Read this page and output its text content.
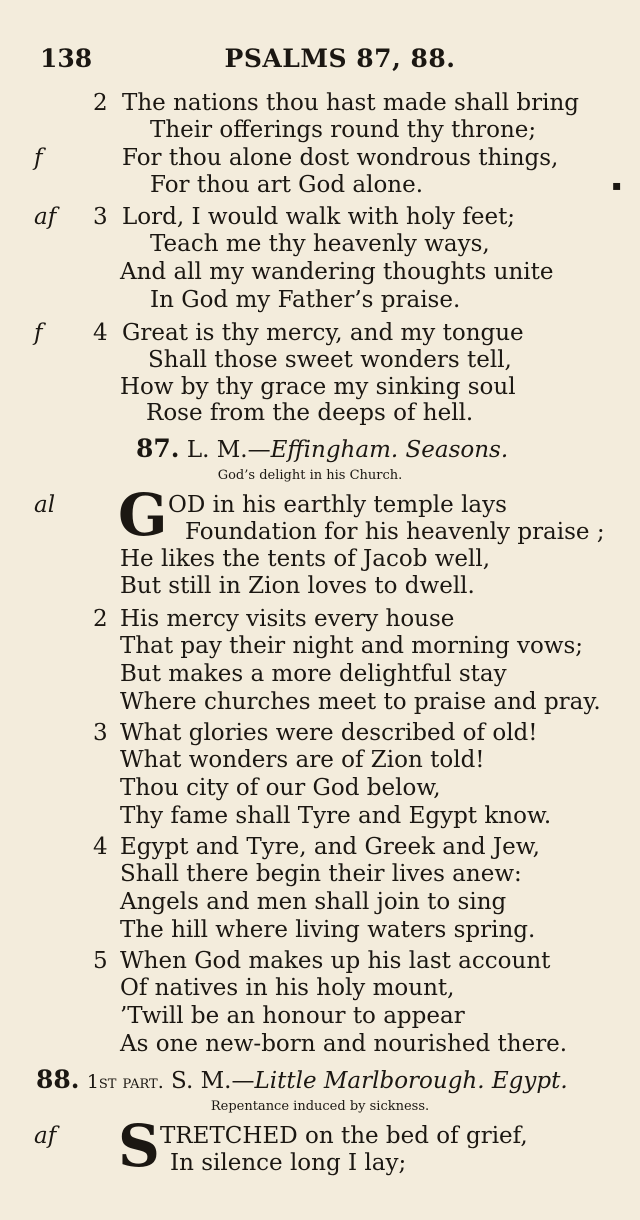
138	PSALMS 87, 88.
2 The nations thou hast made shall bring
Their offerings round thy throne;
f	For thou alone dost wondrous things,
For thou art God alone.	▪
af 3 Lord, I would walk with holy feet;
Teach me thy heavenly ways,
And all my wandering thoughts unite
In God my Father’s praise.
f 4 Great is thy mercy, and my tongue
Shall those sweet wonders tell,
How by thy grace my sinking soul
Rose from the deeps of hell.
87. L. M.—Effingham. Seasons.
God’s delight in his Church.
al G OD in his earthly temple lays
Foundation for his heavenly praise ;
He likes the tents of Jacob well,
But still in Zion loves to dwell.
2 His mercy visits every house
That pay their night and morning vows;
But makes a more delightful stay
Where churches meet to praise and pray.
3 What glories were described of old!
What wonders are of Zion told!
Thou city of our God below,
Thy fame shall Tyre and Egypt know.
4 Egypt and Tyre, and Greek and Jew,
Shall there begin their lives anew:
Angels and men shall join to sing
The hill where living waters spring.
5 When God makes up his last account
Of natives in his holy mount,
’Twill be an honour to appear
As one new-born and nourished there.
88. 1st part. S. M.—Little Marlborough. Egypt.
Repentance induced by sickness.
af S TRETCHED on the bed of grief,
In silence long I lay;
